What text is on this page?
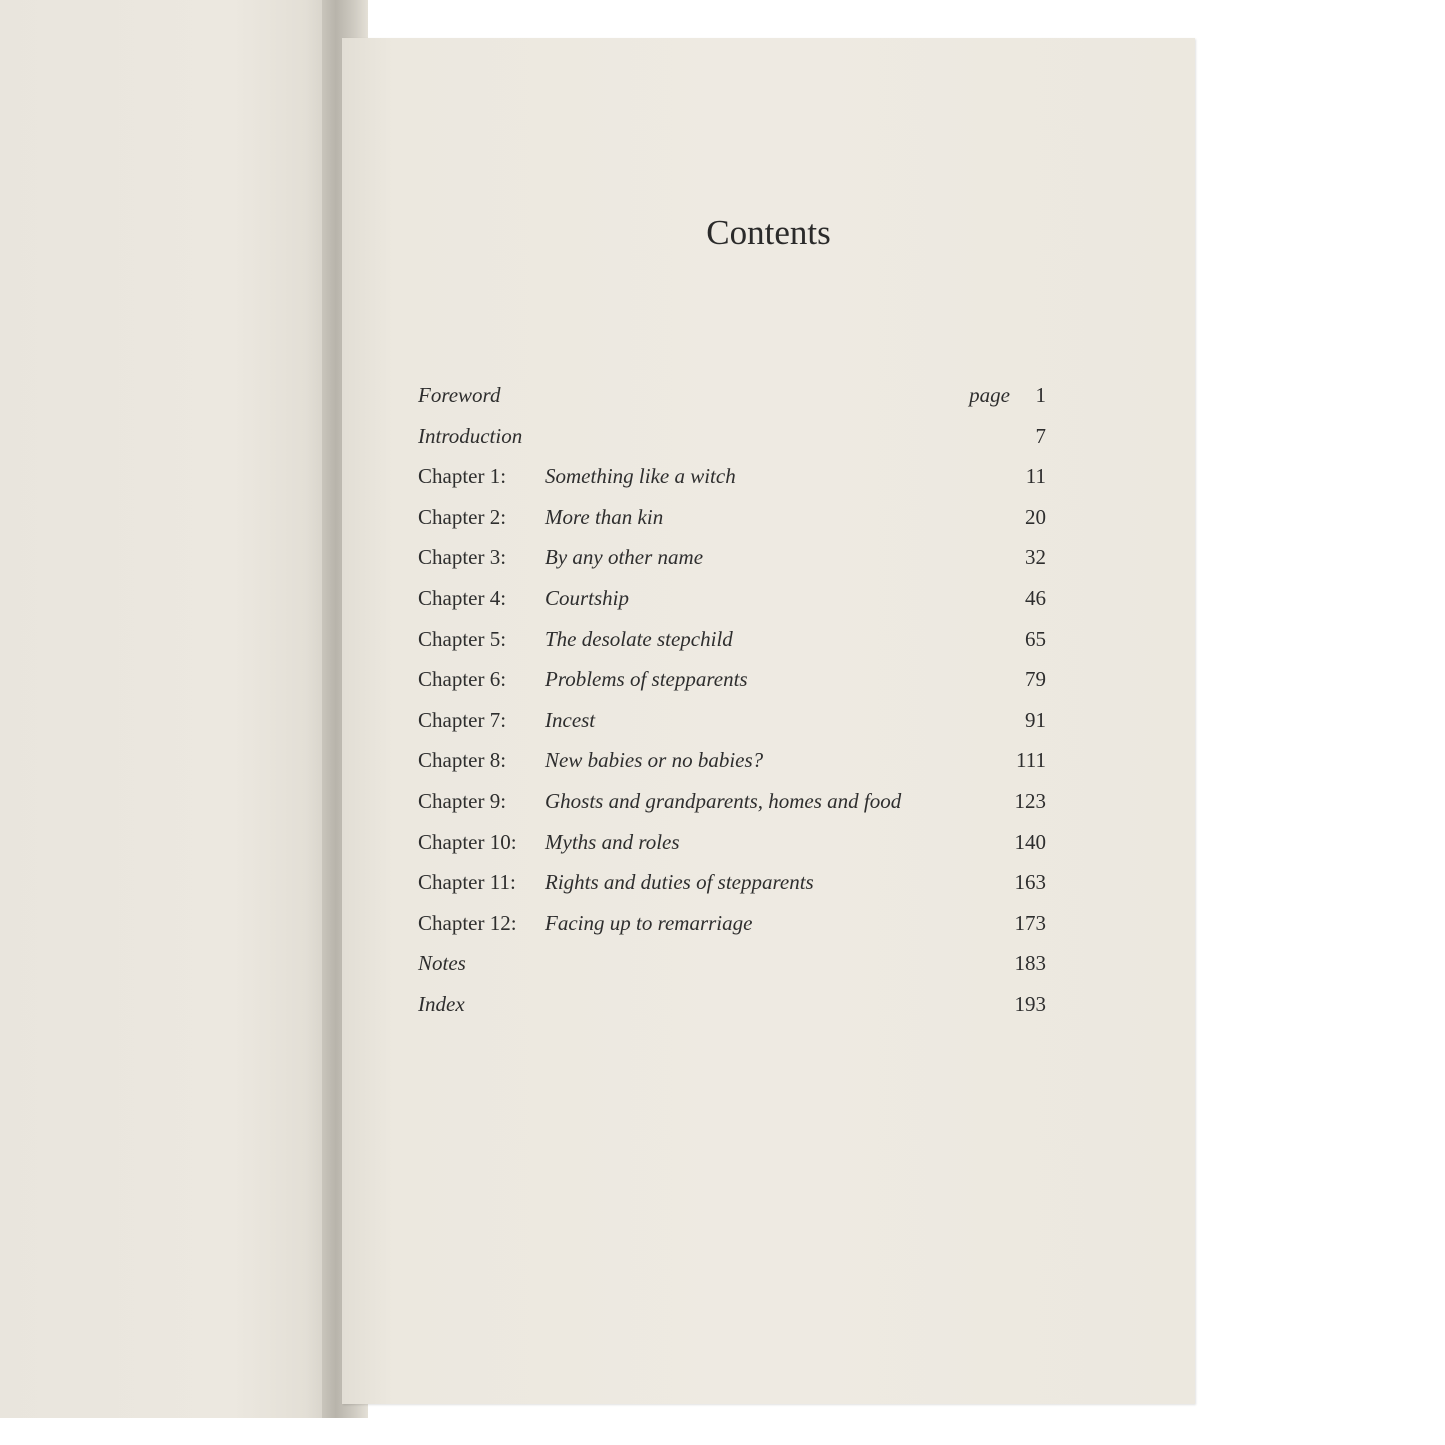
Contents
Foreword	page 1
Introduction	7
Chapter 1: Something like a witch	11
Chapter 2: More than kin	20
Chapter 3: By any other name	32
Chapter 4: Courtship	46
Chapter 5: The desolate stepchild	65
Chapter 6: Problems of stepparents	79
Chapter 7: Incest	91
Chapter 8: New babies or no babies?	111
Chapter 9: Ghosts and grandparents, homes and food	123
Chapter 10: Myths and roles	140
Chapter 11: Rights and duties of stepparents	163
Chapter 12: Facing up to remarriage	173
Notes	183
Index	193
